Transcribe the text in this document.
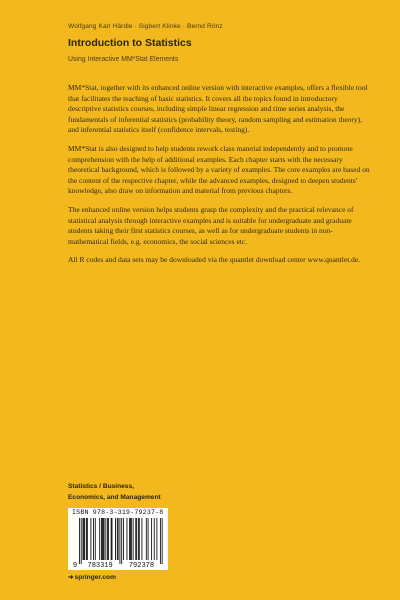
Wolfgang Karl Härdle · Sigbert Klinke · Bernd Rönz
Introduction to Statistics
Using Interactive MM*Stat Elements

MM*Stat, together with its enhanced online version with interactive examples, offers a flexible tool that facilitates the teaching of basic statistics. It covers all the topics found in introductory descriptive statistics courses, including simple linear regression and time series analysis, the fundamentals of inferential statistics (probability theory, random sampling and estimation theory), and inferential statistics itself (confidence intervals, testing).

MM*Stat is also designed to help students rework class material independently and to promote comprehension with the help of additional examples. Each chapter starts with the necessary theoretical background, which is followed by a variety of examples. The core examples are based on the content of the respective chapter, while the advanced examples, designed to deepen students' knowledge, also draw on information and material from previous chapters.

The enhanced online version helps students grasp the complexity and the practical relevance of statistical analysis through interactive examples and is suitable for undergraduate and graduate students taking their first statistics courses, as well as for undergraduate students in non-mathematical fields, e.g. economics, the social sciences etc.

All R codes and data sets may be downloaded via the quantlet download center www.quantlet.de.

Statistics / Business,
Economics, and Management
ISBN 978-3-319-79237-8
9 783319 792378
➜springer.com
